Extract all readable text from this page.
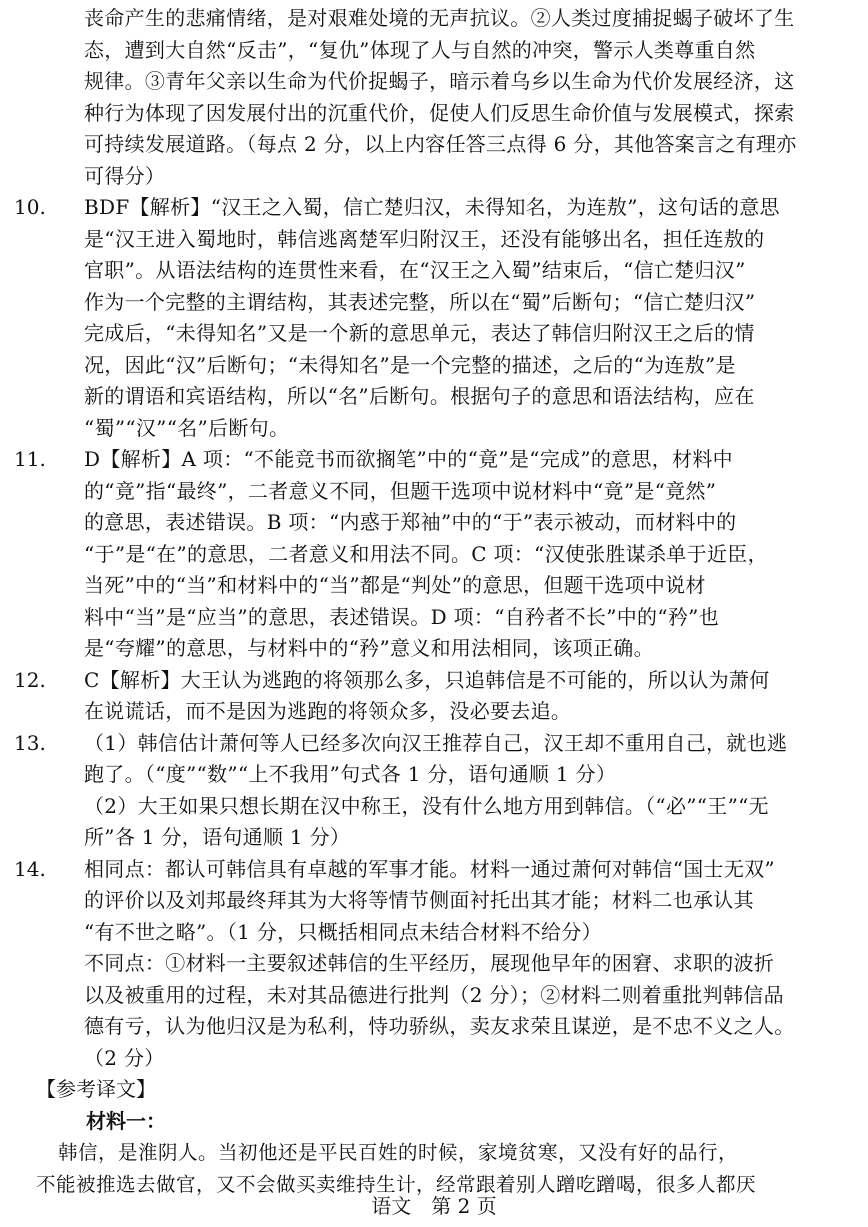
丧命产生的悲痛情绪，是对艰难处境的无声抗议。②人类过度捕捉蝎子破坏了生
态，遭到大自然“反击”，“复仇”体现了人与自然的冲突，警示人类尊重自然
规律。③青年父亲以生命为代价捉蝎子，暗示着乌乡以生命为代价发展经济，这
种行为体现了因发展付出的沉重代价，促使人们反思生命价值与发展模式，探索
可持续发展道路。（每点 2 分，以上内容任答三点得 6 分，其他答案言之有理亦
可得分）
10. BDF【解析】“汉王之入蜀，信亡楚归汉，未得知名，为连敖”，这句话的意思
是“汉王进入蜀地时，韩信逃离楚军归附汉王，还没有能够出名，担任连敖的
官职”。从语法结构的连贯性来看，在“汉王之入蜀”结束后，“信亡楚归汉”
作为一个完整的主谓结构，其表述完整，所以在“蜀”后断句；“信亡楚归汉”
完成后，“未得知名”又是一个新的意思单元，表达了韩信归附汉王之后的情
况，因此“汉”后断句；“未得知名”是一个完整的描述，之后的“为连敖”是
新的谓语和宾语结构，所以“名”后断句。根据句子的意思和语法结构，应在
“蜀”“汉”“名”后断句。
11. D【解析】A 项：“不能竞书而欲搁笔”中的“竟”是“完成”的意思，材料中
的“竟”指“最终”，二者意义不同，但题干选项中说材料中“竟”是“竟然”
的意思，表述错误。B 项：“内惑于郑袖”中的“于”表示被动，而材料中的
“于”是“在”的意思，二者意义和用法不同。C 项：“汉使张胜谋杀单于近臣，
当死”中的“当”和材料中的“当”都是“判处”的意思，但题干选项中说材
料中“当”是“应当”的意思，表述错误。D 项：“自矜者不长”中的“矜”也
是“夸耀”的意思，与材料中的“矜”意义和用法相同，该项正确。
12. C【解析】大王认为逃跑的将领那么多，只追韩信是不可能的，所以认为萧何
在说谎话，而不是因为逃跑的将领众多，没必要去追。
13. （1）韩信估计萧何等人已经多次向汉王推荐自己，汉王却不重用自己，就也逃
跑了。（“度”“数”“上不我用”句式各 1 分，语句通顺 1 分）
（2）大王如果只想长期在汉中称王，没有什么地方用到韩信。（“必”“王”“无
所”各 1 分，语句通顺 1 分）
14. 相同点：都认可韩信具有卓越的军事才能。材料一通过萧何对韩信“国士无双”
的评价以及刘邦最终拜其为大将等情节侧面衬托出其才能；材料二也承认其
“有不世之略”。（1 分，只概括相同点未结合材料不给分）
不同点：①材料一主要叙述韩信的生平经历，展现他早年的困窘、求职的波折
以及被重用的过程，未对其品德进行批判（2 分）；②材料二则着重批判韩信品
德有亏，认为他归汉是为私利，恃功骄纵，卖友求荣且谋逆，是不忠不义之人。
（2 分）
【参考译文】
材料一：
韩信，是淮阴人。当初他还是平民百姓的时候，家境贫寒，又没有好的品行，
不能被推选去做官，又不会做买卖维持生计，经常跟着别人蹭吃蹭喝，很多人都厌
语文　第 2 页
